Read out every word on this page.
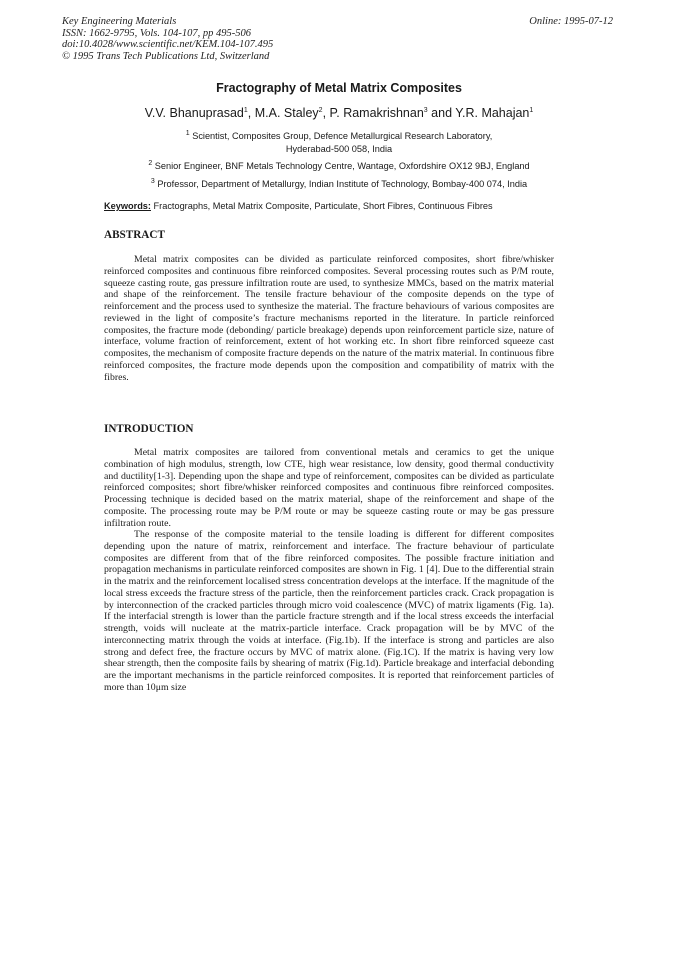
Key Engineering Materials
ISSN: 1662-9795, Vols. 104-107, pp 495-506
doi:10.4028/www.scientific.net/KEM.104-107.495
© 1995 Trans Tech Publications Ltd, Switzerland
Online: 1995-07-12
Fractography of Metal Matrix Composites
V.V. Bhanuprasad$^1$, M.A. Staley$^2$, P. Ramakrishnan$^3$ and Y.R. Mahajan$^1$
$^1$ Scientist, Composites Group, Defence Metallurgical Research Laboratory,
Hyderabad-500 058, India
$^2$ Senior Engineer, BNF Metals Technology Centre, Wantage, Oxfordshire OX12 9BJ, England
$^3$ Professor, Department of Metallurgy, Indian Institute of Technology, Bombay-400 074, India
Keywords: Fractographs, Metal Matrix Composite, Particulate, Short Fibres, Continuous Fibres
ABSTRACT

Metal matrix composites can be divided as particulate reinforced composites, short fibre/whisker reinforced composites and continuous fibre reinforced composites. Several processing routes such as P/M route, squeeze casting route, gas pressure infiltration route are used, to synthesize MMCs, based on the matrix material and shape of the reinforcement. The tensile fracture behaviour of the composite depends on the type of reinforcement and the process used to synthesize the material. The fracture behaviours of various composites are reviewed in the light of composite’s fracture mechanisms reported in the literature. In particle reinforced composites, the fracture mode (debonding/ particle breakage) depends upon reinforcement particle size, nature of interface, volume fraction of reinforcement, extent of hot working etc. In short fibre reinforced squeeze cast composites, the mechanism of composite fracture depends on the nature of the matrix material. In continuous fibre reinforced composites, the fracture mode depends upon the composition and compatibility of matrix with the fibres.

INTRODUCTION

Metal matrix composites are tailored from conventional metals and ceramics to get the unique combination of high modulus, strength, low CTE, high wear resistance, low density, good thermal conductivity and ductility[1-3]. Depending upon the shape and type of reinforcement, composites can be divided as particulate reinforced composites; short fibre/whisker reinforced composites and continuous fibre reinforced composites. Processing technique is decided based on the matrix material, shape of the reinforcement and shape of the composite. The processing route may be P/M route or may be squeeze casting route or may be gas pressure infiltration route.

The response of the composite material to the tensile loading is different for different composites depending upon the nature of matrix, reinforcement and interface. The fracture behaviour of particulate composites are different from that of the fibre reinforced composites. The possible fracture initiation and propagation mechanisms in particulate reinforced composites are shown in Fig. 1 [4]. Due to the differential strain in the matrix and the reinforcement localised stress concentration develops at the interface. If the magnitude of the local stress exceeds the fracture stress of the particle, then the reinforcement particles crack. Crack propagation is by interconnection of the cracked particles through micro void coalescence (MVC) of matrix ligaments (Fig. 1a). If the interfacial strength is lower than the particle fracture strength and if the local stress exceeds the interfacial strength, voids will nucleate at the matrix-particle interface. Crack propagation will be by MVC of the interconnecting matrix through the voids at interface. (Fig.1b). If the interface is strong and particles are also strong and defect free, the fracture occurs by MVC of matrix alone. (Fig.1C). If the matrix is having very low shear strength, then the composite fails by shearing of matrix (Fig.1d). Particle breakage and interfacial debonding are the important mechanisms in the particle reinforced composites. It is reported that reinforcement particles of more than 10μm size
